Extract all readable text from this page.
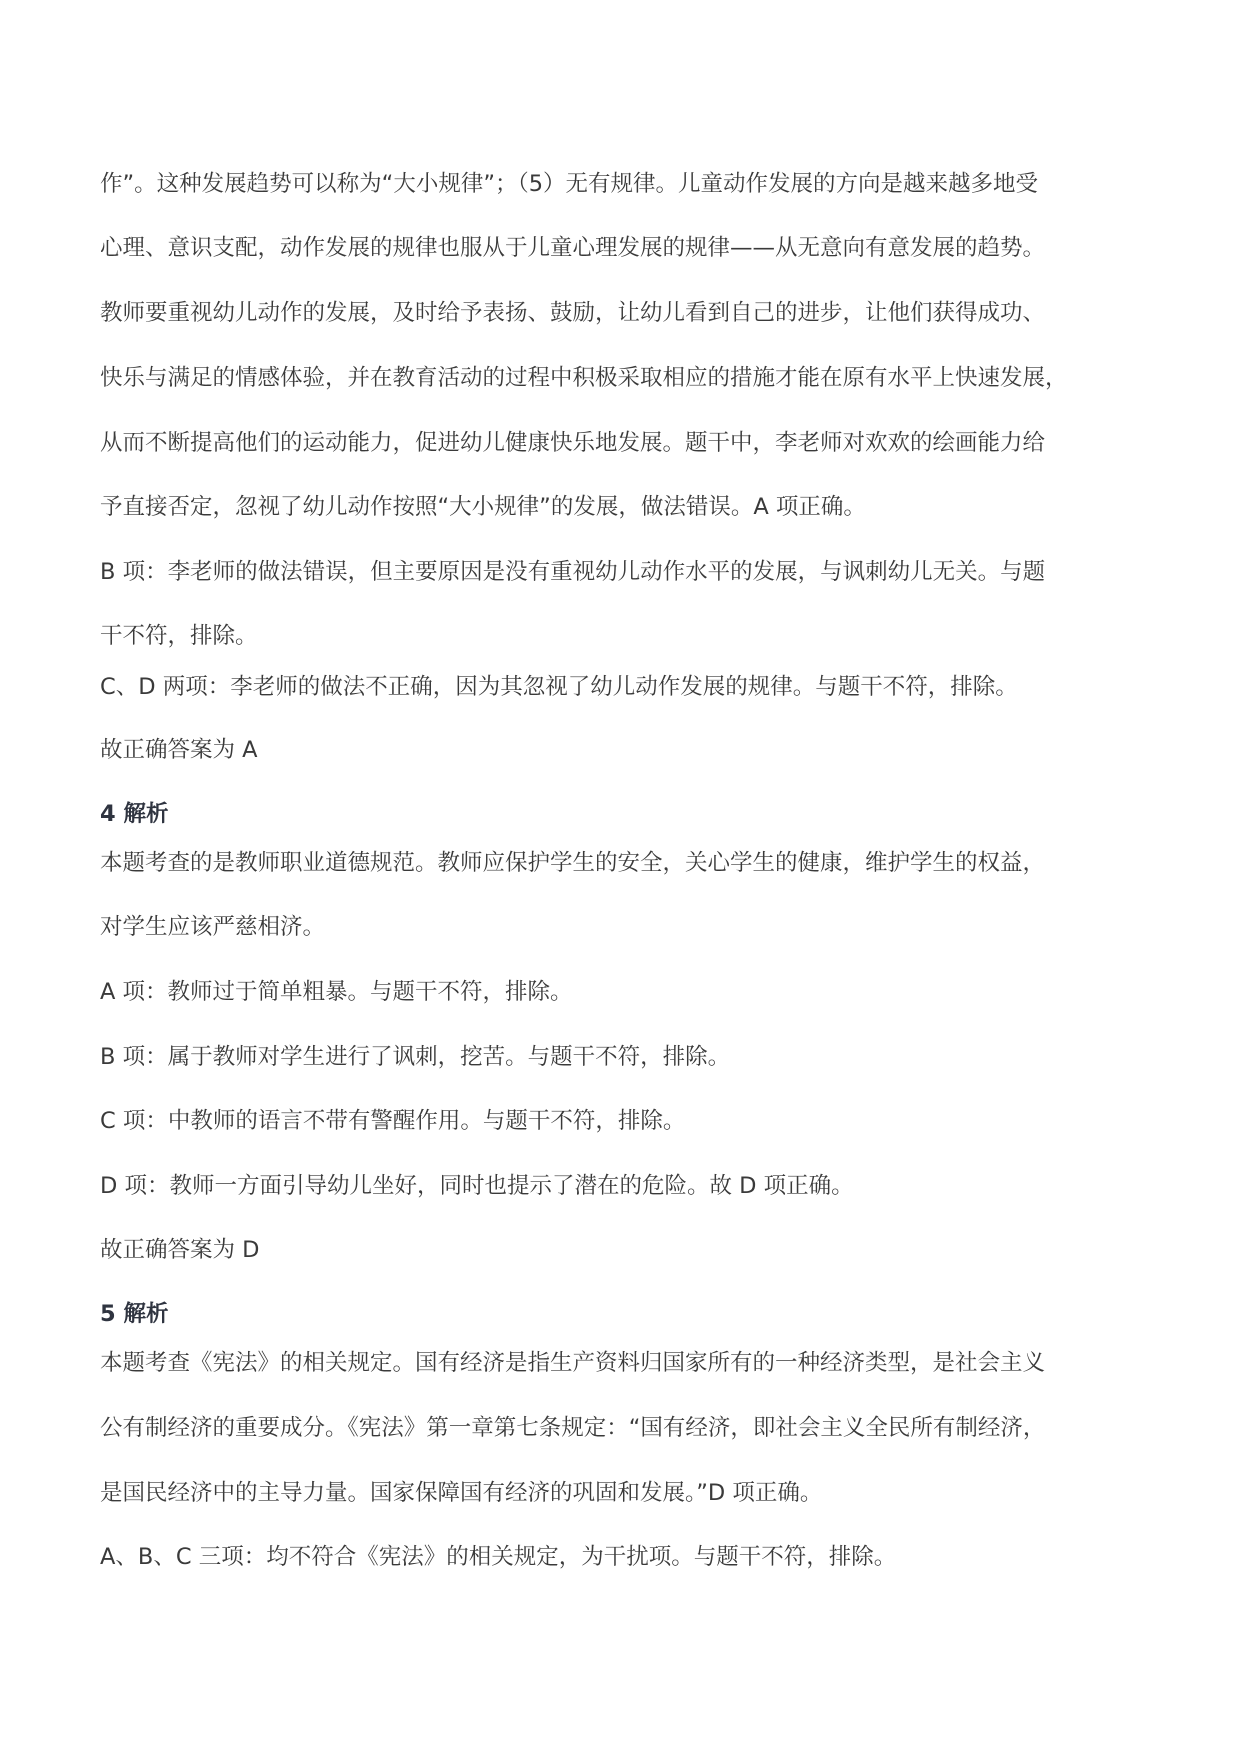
作”。这种发展趋势可以称为“大小规律”；（5）无有规律。儿童动作发展的方向是越来越多地受
心理、意识支配，动作发展的规律也服从于儿童心理发展的规律——从无意向有意发展的趋势。
教师要重视幼儿动作的发展，及时给予表扬、鼓励，让幼儿看到自己的进步，让他们获得成功、
快乐与满足的情感体验，并在教育活动的过程中积极采取相应的措施才能在原有水平上快速发展，
从而不断提高他们的运动能力，促进幼儿健康快乐地发展。题干中，李老师对欢欢的绘画能力给
予直接否定，忽视了幼儿动作按照“大小规律”的发展，做法错误。A 项正确。
B 项：李老师的做法错误，但主要原因是没有重视幼儿动作水平的发展，与讽刺幼儿无关。与题
干不符，排除。
C、D 两项：李老师的做法不正确，因为其忽视了幼儿动作发展的规律。与题干不符，排除。
故正确答案为 A
4 解析
本题考查的是教师职业道德规范。教师应保护学生的安全，关心学生的健康，维护学生的权益，
对学生应该严慈相济。
A 项：教师过于简单粗暴。与题干不符，排除。
B 项：属于教师对学生进行了讽刺，挖苦。与题干不符，排除。
C 项：中教师的语言不带有警醒作用。与题干不符，排除。
D 项：教师一方面引导幼儿坐好，同时也提示了潜在的危险。故 D 项正确。
故正确答案为 D
5 解析
本题考查《宪法》的相关规定。国有经济是指生产资料归国家所有的一种经济类型，是社会主义
公有制经济的重要成分。《宪法》第一章第七条规定：“国有经济，即社会主义全民所有制经济，
是国民经济中的主导力量。国家保障国有经济的巩固和发展。”D 项正确。
A、B、C 三项：均不符合《宪法》的相关规定，为干扰项。与题干不符，排除。
